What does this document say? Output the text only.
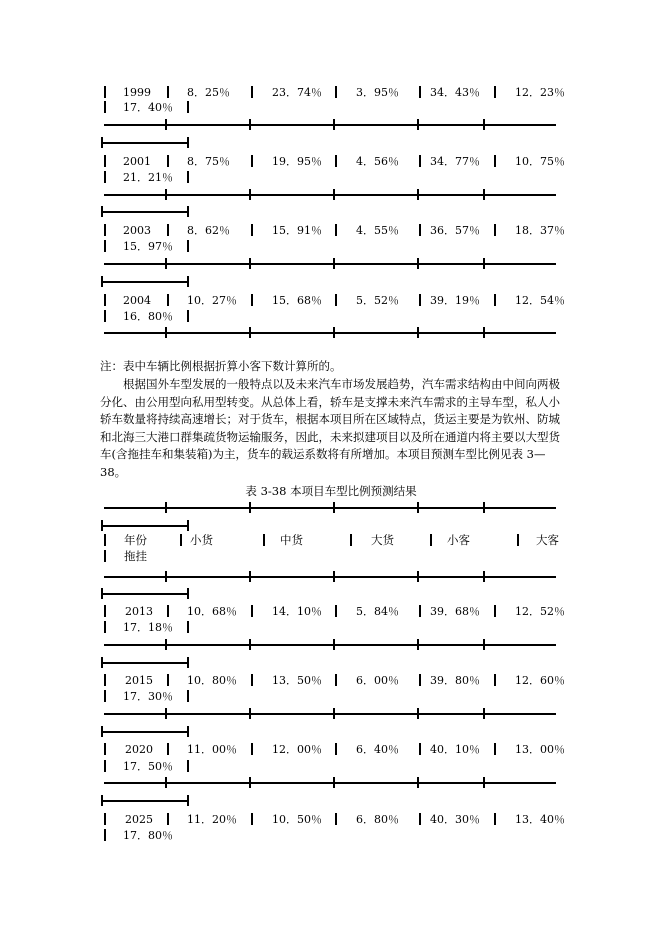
1999	8．25％	23．74％	3．95％	34．43％	12．23％
17．40％
2001	8．75％	19．95％	4．56％	34．77％	10．75％
21．21％
2003	8．62％	15．91％	4．55％	36．57％	18．37％
15．97％
2004	10．27％	15．68％	5．52％	39．19％	12．54％
16．80％
注：表中车辆比例根据折算小客下数计算所的。
根据国外车型发展的一般特点以及未来汽车市场发展趋势，汽车需求结构由中间向两极分化、由公用型向私用型转变。从总体上看，轿车是支撑未来汽车需求的主导车型，私人小轿车数量将持续高速增长；对于货车，根据本项目所在区域特点，货运主要是为钦州、防城和北海三大港口群集疏货物运输服务，因此，未来拟建项目以及所在通道内将主要以大型货车(含拖挂车和集装箱)为主，货车的载运系数将有所增加。本项目预测车型比例见表 3—38。
表 3-38 本项目车型比例预测结果
年份	小货	中货	大货	小客	大客
拖挂
2013	10．68％	14．10％	5．84％	39．68％	12．52％
17．18％
2015	10．80％	13．50％	6．00％	39．80％	12．60％
17．30％
2020	11．00％	12．00％	6．40％	40．10％	13．00％
17．50％
2025	11．20％	10．50％	6．80％	40．30％	13．40％
17．80％
